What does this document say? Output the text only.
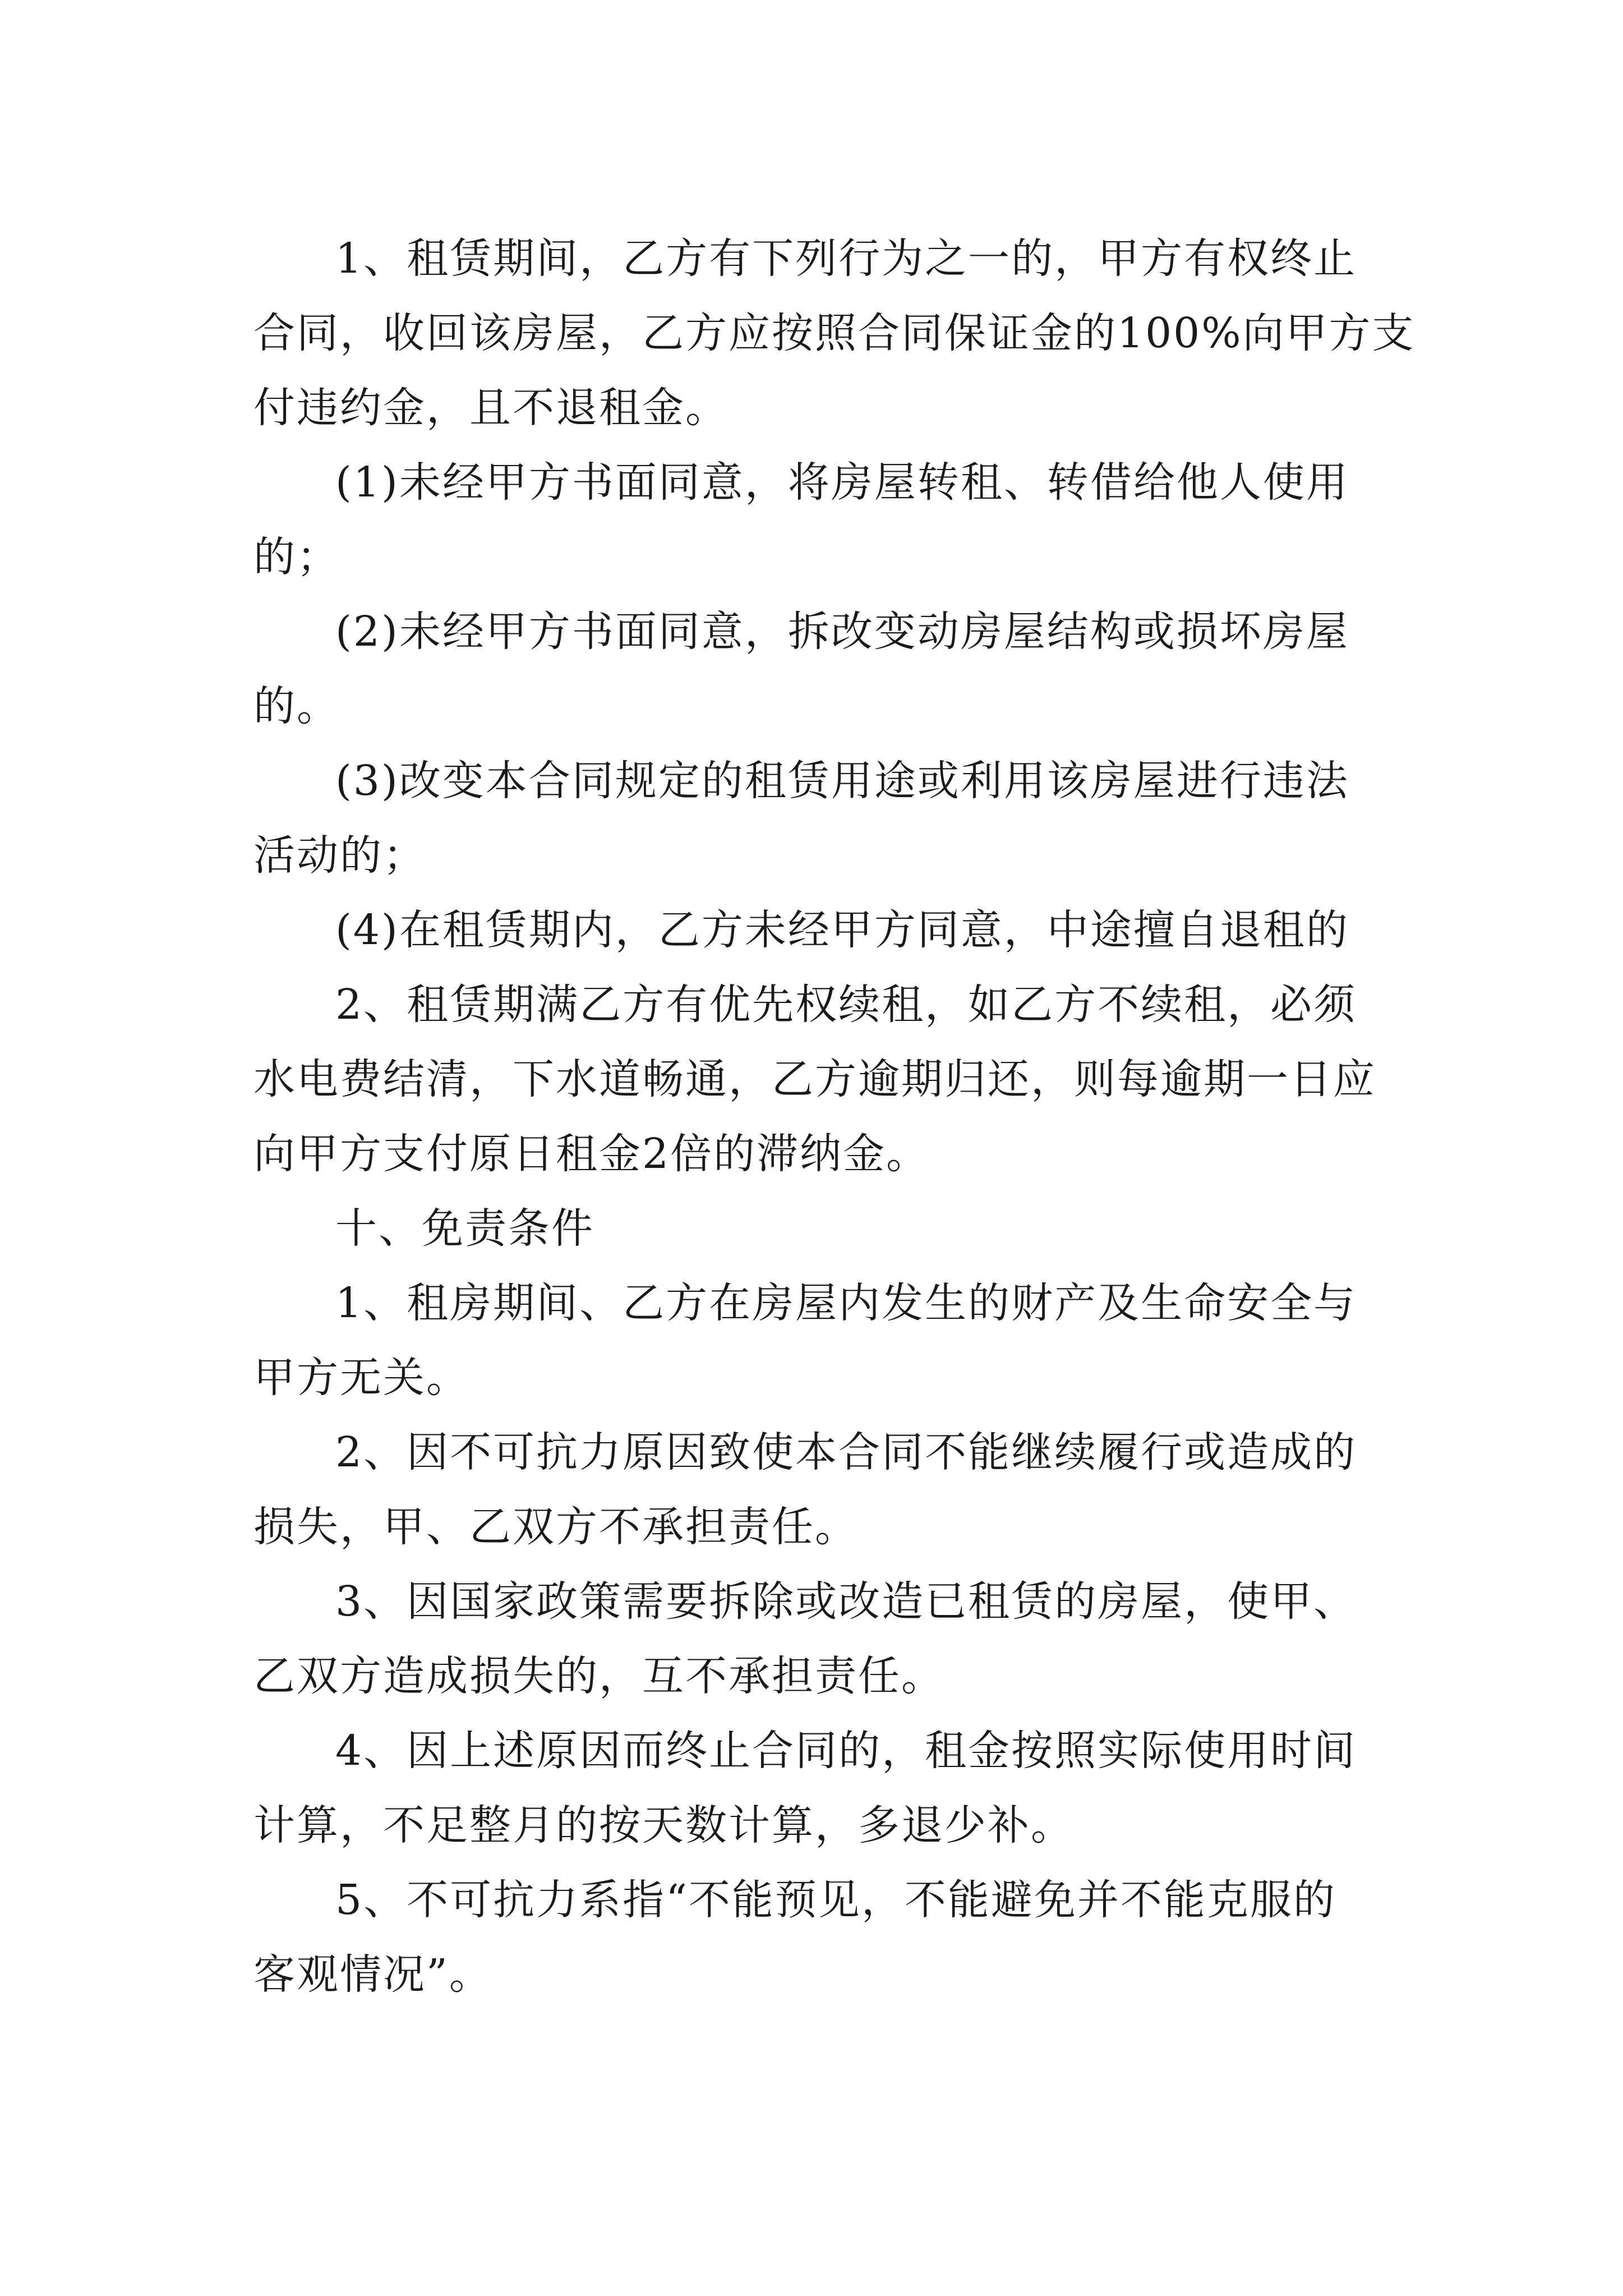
1、租赁期间，乙方有下列行为之一的，甲方有权终止
合同，收回该房屋，乙方应按照合同保证金的100%向甲方支
付违约金，且不退租金。
(1)未经甲方书面同意，将房屋转租、转借给他人使用
的；
(2)未经甲方书面同意，拆改变动房屋结构或损坏房屋
的。
(3)改变本合同规定的租赁用途或利用该房屋进行违法
活动的；
(4)在租赁期内，乙方未经甲方同意，中途擅自退租的
2、租赁期满乙方有优先权续租，如乙方不续租，必须
水电费结清，下水道畅通，乙方逾期归还，则每逾期一日应
向甲方支付原日租金2倍的滞纳金。
十、免责条件
1、租房期间、乙方在房屋内发生的财产及生命安全与
甲方无关。
2、因不可抗力原因致使本合同不能继续履行或造成的
损失，甲、乙双方不承担责任。
3、因国家政策需要拆除或改造已租赁的房屋，使甲、
乙双方造成损失的，互不承担责任。
4、因上述原因而终止合同的，租金按照实际使用时间
计算，不足整月的按天数计算，多退少补。
5、不可抗力系指“不能预见，不能避免并不能克服的
客观情况”。
